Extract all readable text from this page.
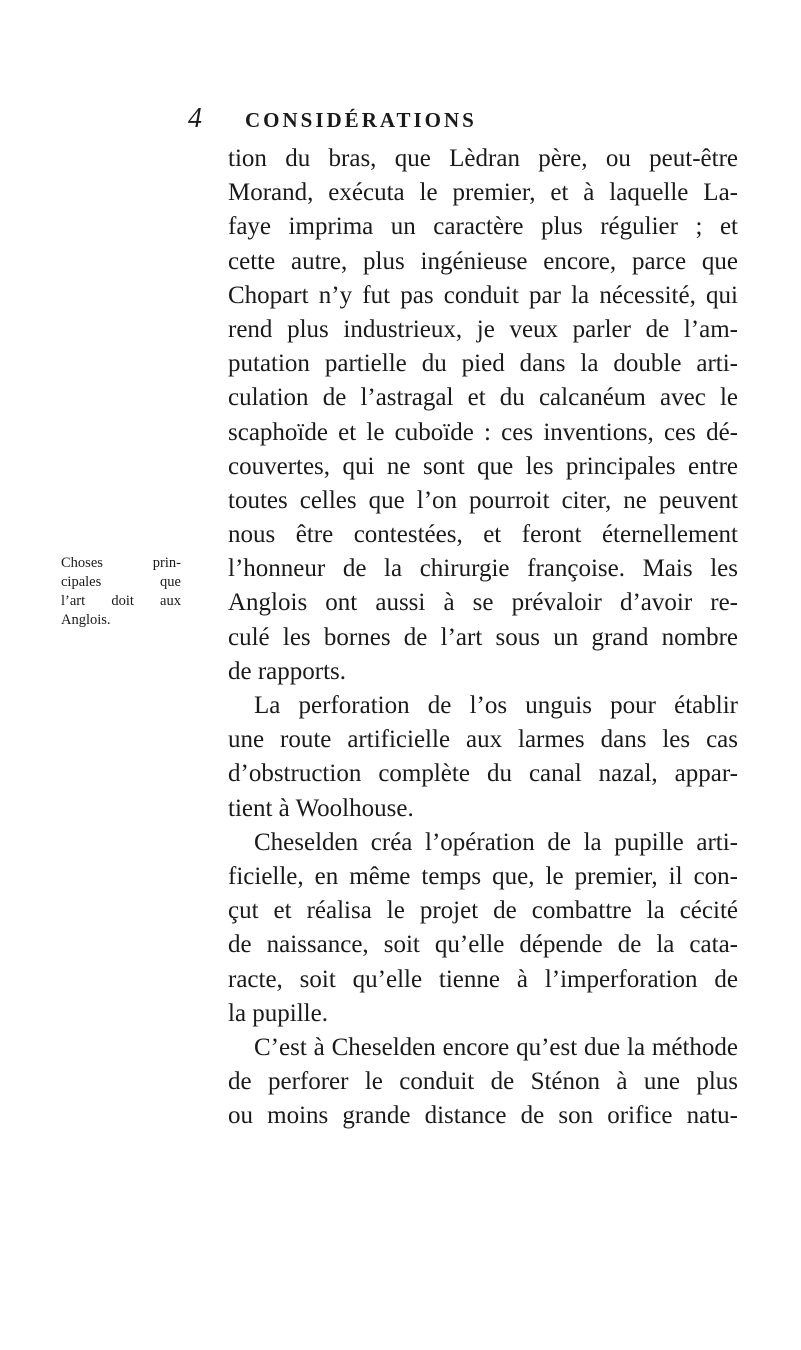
4 CONSIDÉRATIONS
tion du bras, que Lèdran père, ou peut-être
Morand, exécuta le premier, et à laquelle La-
faye imprima un caractère plus régulier ; et
cette autre, plus ingénieuse encore, parce que
Chopart n’y fut pas conduit par la nécessité, qui
rend plus industrieux, je veux parler de l’am-
putation partielle du pied dans la double arti-
culation de l’astragal et du calcanéum avec le
scaphoïde et le cuboïde : ces inventions, ces dé-
couvertes, qui ne sont que les principales entre
toutes celles que l’on pourroit citer, ne peuvent
nous être contestées, et feront éternellement
l’honneur de la chirurgie françoise. Mais les
Anglois ont aussi à se prévaloir d’avoir re-
culé les bornes de l’art sous un grand nombre
de rapports.
La perforation de l’os unguis pour établir
une route artificielle aux larmes dans les cas
d’obstruction complète du canal nazal, appar-
tient à Woolhouse.
Cheselden créa l’opération de la pupille arti-
ficielle, en même temps que, le premier, il con-
çut et réalisa le projet de combattre la cécité
de naissance, soit qu’elle dépende de la cata-
racte, soit qu’elle tienne à l’imperforation de
la pupille.
C’est à Cheselden encore qu’est due la méthode
de perforer le conduit de Sténon à une plus
ou moins grande distance de son orifice natu-
Choses prin-
cipales que
l’art doit aux
Anglois.
